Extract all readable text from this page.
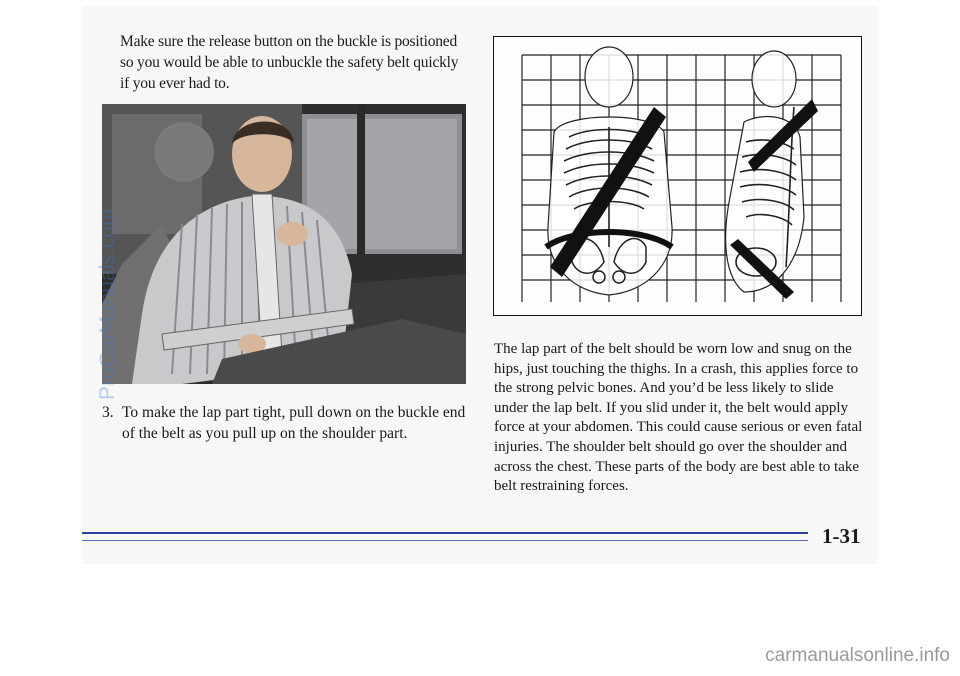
Make sure the release button on the buckle is positioned so you would be able to unbuckle the safety belt quickly if you ever had to.

3. To make the lap part tight, pull down on the buckle end of the belt as you pull up on the shoulder part.

The lap part of the belt should be worn low and snug on the hips, just touching the thighs. In a crash, this applies force to the strong pelvic bones. And you’d be less likely to slide under the lap belt. If you slid under it, the belt would apply force at your abdomen. This could cause serious or even fatal injuries. The shoulder belt should go over the shoulder and across the chest. These parts of the body are best able to take belt restraining forces.

1-31
ProCarManuals.com
carmanualsonline.info
